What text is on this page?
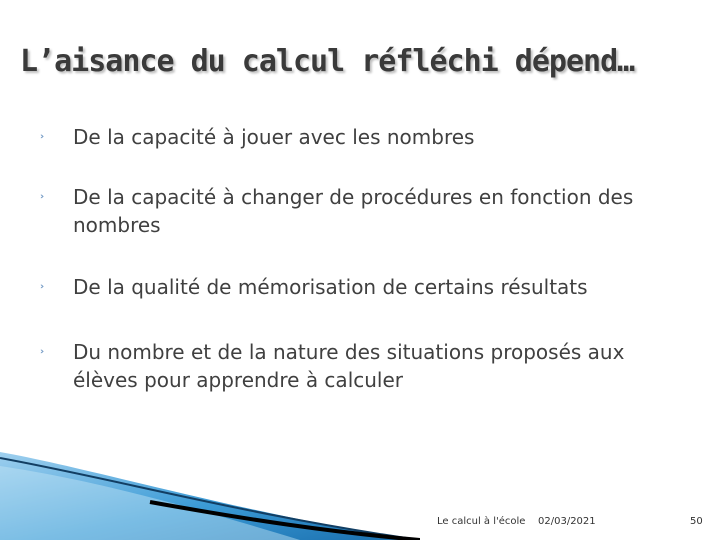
L’aisance du calcul réfléchi dépend…
››	De la capacité à jouer avec les nombres
››	De la capacité à changer de procédures en fonction des nombres
››	De la qualité de mémorisation de certains résultats
››	Du nombre et de la nature des situations proposés aux élèves pour apprendre à calculer
Le calcul à l'école 02/03/2021	50
